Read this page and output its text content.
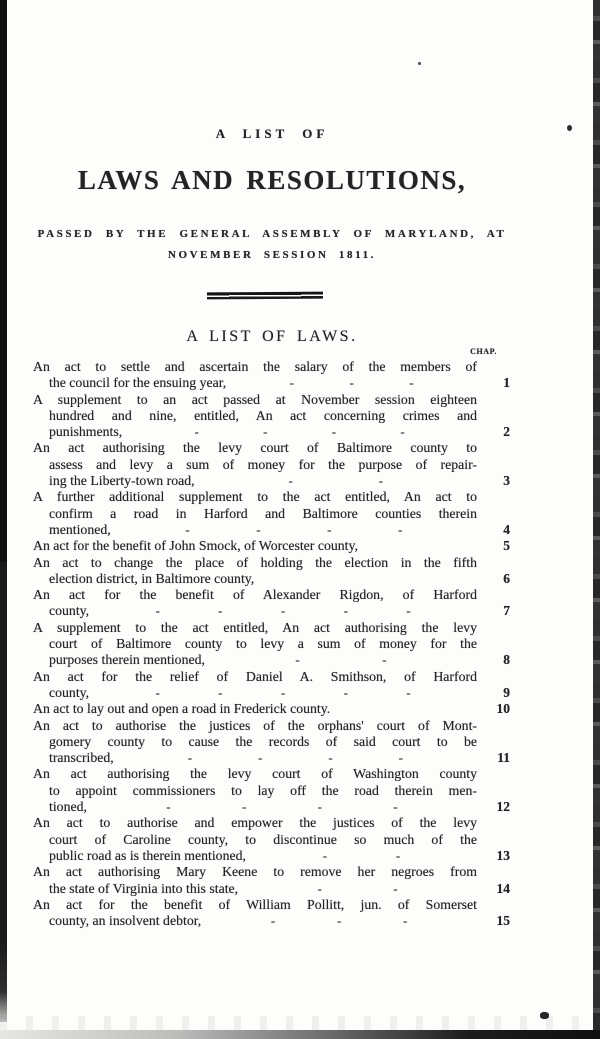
A LIST OF
LAWS AND RESOLUTIONS,
PASSED BY THE GENERAL ASSEMBLY OF MARYLAND, AT
NOVEMBER SESSION 1811.
A LIST OF LAWS.
CHAP.
An act to settle and ascertain the salary of the members of
the council for the ensuing year,	-	-	-	1
A supplement to an act passed at November session eighteen
hundred and nine, entitled, An act concerning crimes and
punishments,	-	-	-	-	2
An act authorising the levy court of Baltimore county to
assess and levy a sum of money for the purpose of repair-
ing the Liberty-town road,	-	-	3
A further additional supplement to the act entitled, An act to
confirm a road in Harford and Baltimore counties therein
mentioned,	-	-	-	-	4
An act for the benefit of John Smock, of Worcester county,	5
An act to change the place of holding the election in the fifth
election district, in Baltimore county,	6
An act for the benefit of Alexander Rigdon, of Harford
county,	-	-	-	-	-	7
A supplement to the act entitled, An act authorising the levy
court of Baltimore county to levy a sum of money for the
purposes therein mentioned,	-	-	8
An act for the relief of Daniel A. Smithson, of Harford
county,	-	-	-	-	-	9
An act to lay out and open a road in Frederick county.	10
An act to authorise the justices of the orphans' court of Mont-
gomery county to cause the records of said court to be
transcribed,	-	-	-	-	11
An act authorising the levy court of Washington county
to appoint commissioners to lay off the road therein men-
tioned,	-	-	-	-	12
An act to authorise and empower the justices of the levy
court of Caroline county, to discontinue so much of the
public road as is therein mentioned,	-	-	13
An act authorising Mary Keene to remove her negroes from
the state of Virginia into this state,	-	-	14
An act for the benefit of William Pollitt, jun. of Somerset
county, an insolvent debtor,	-	-	-	15
